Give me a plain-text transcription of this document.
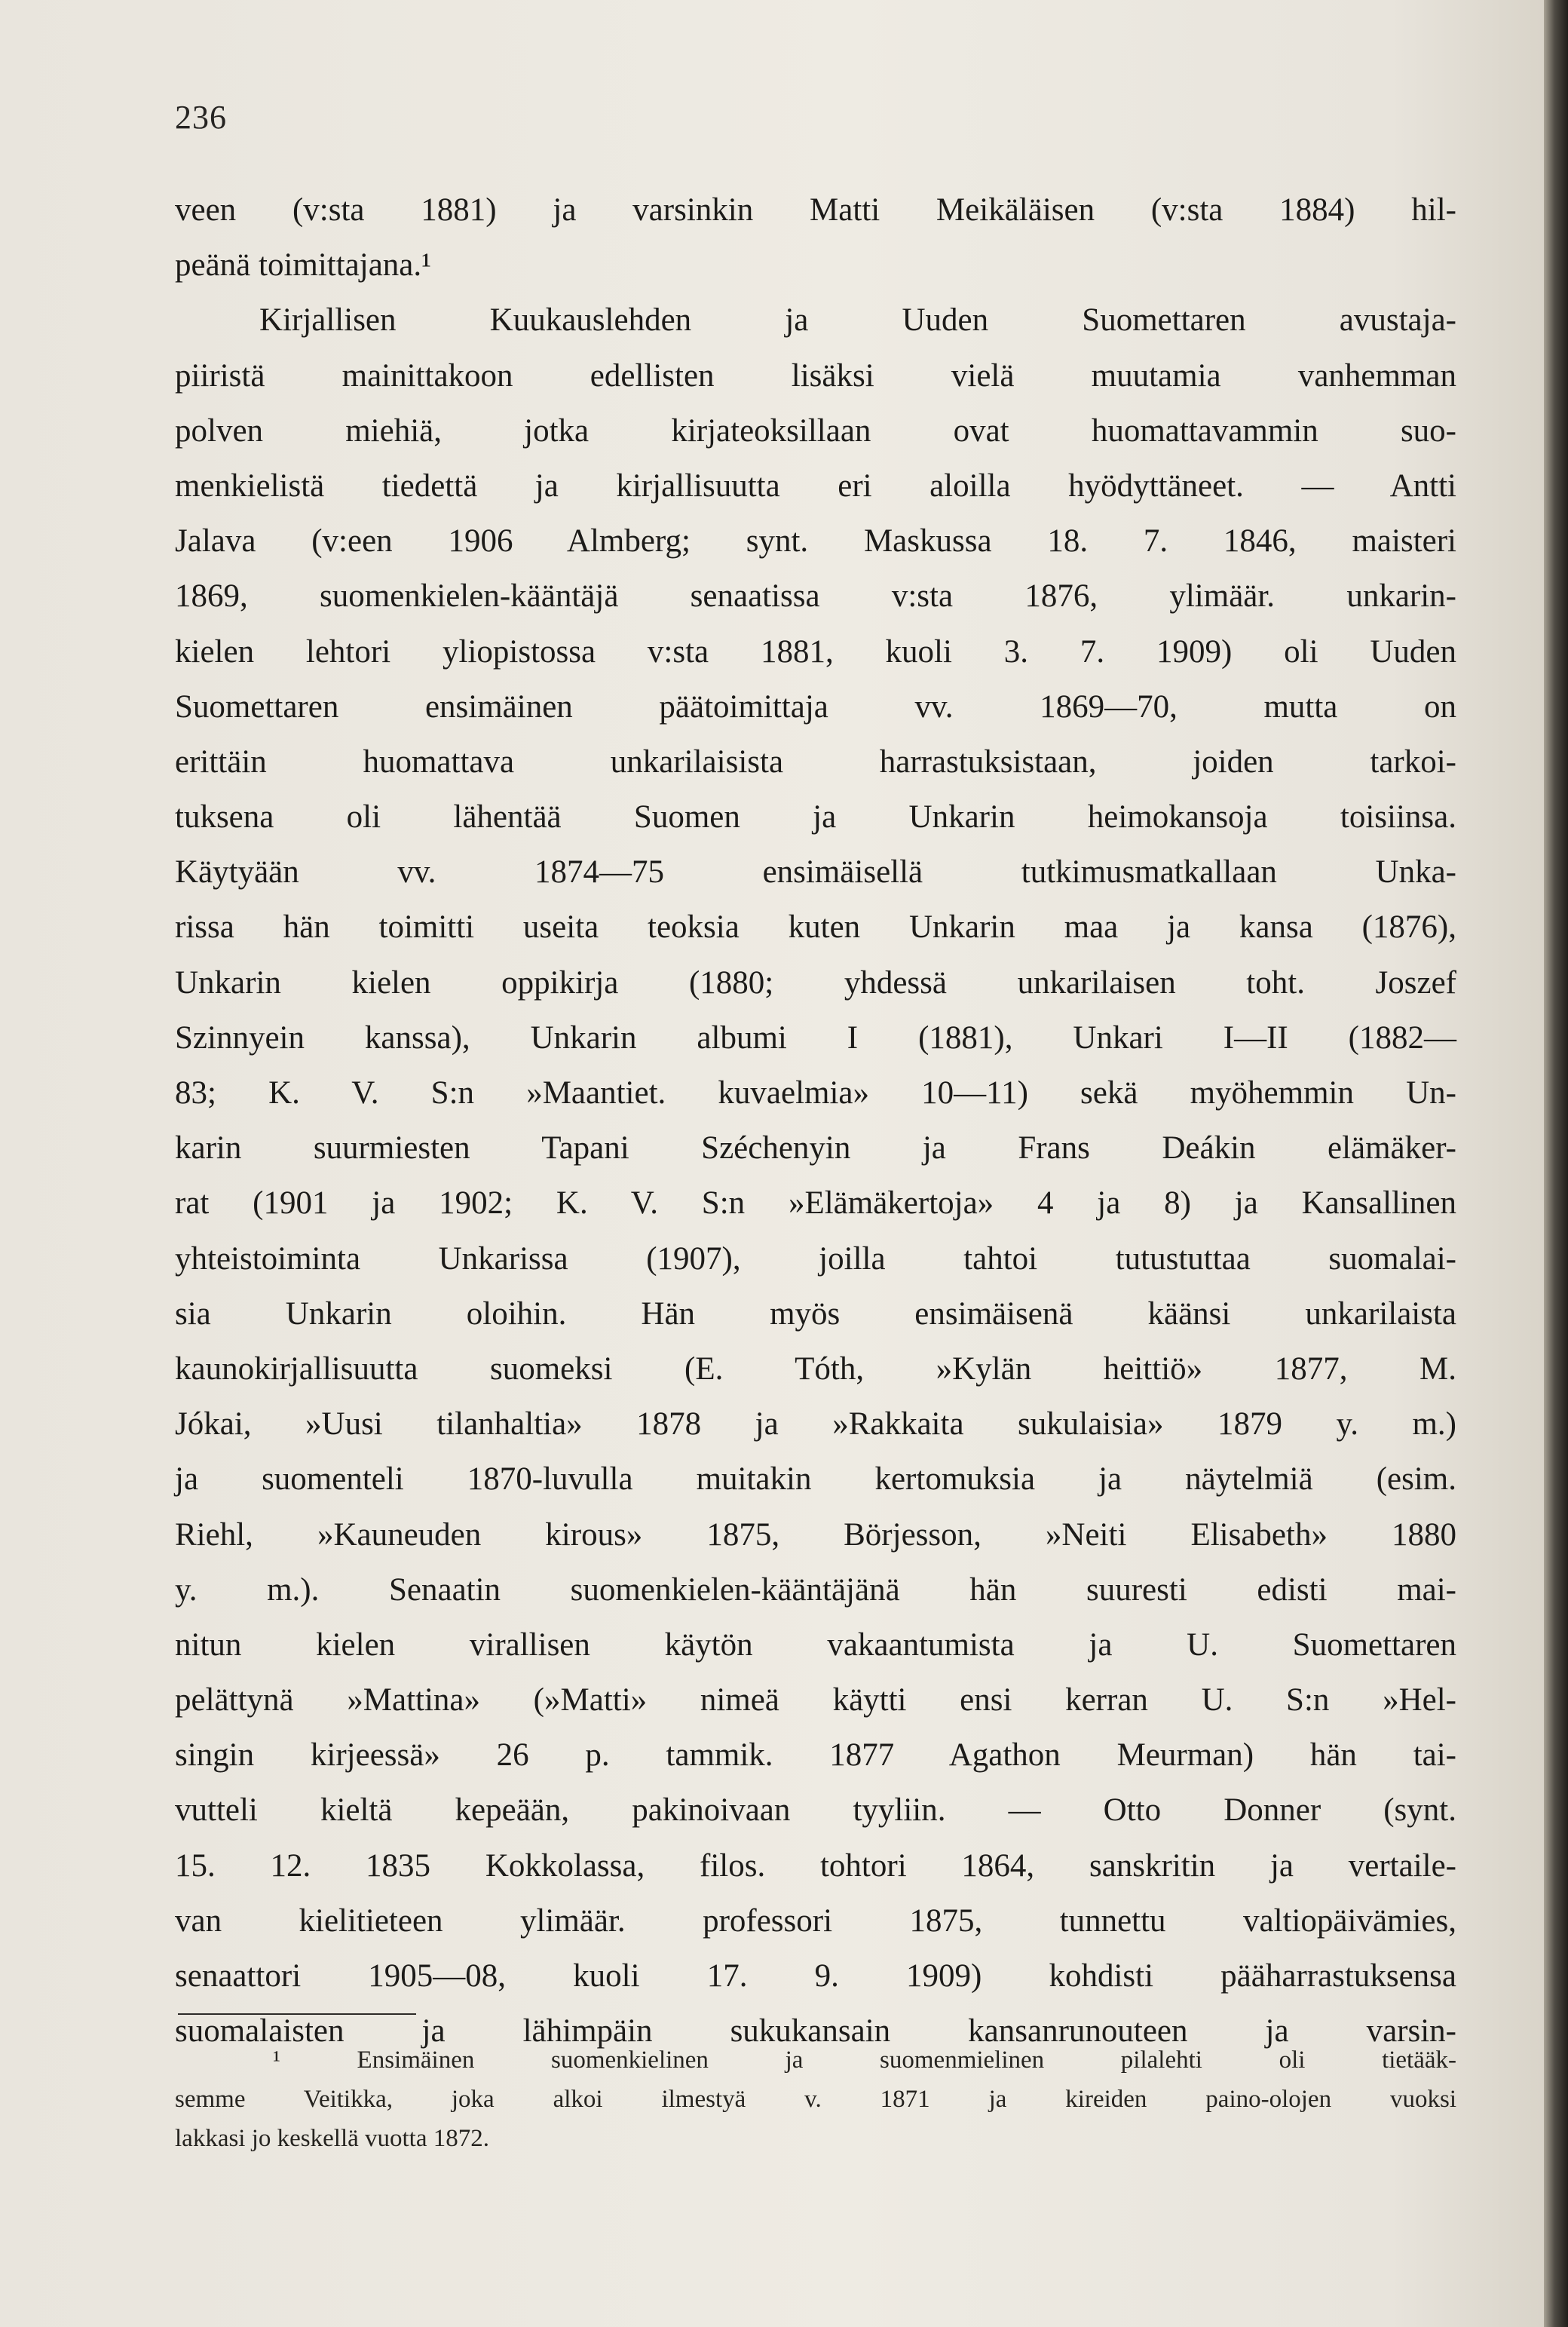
236
veen (v:sta 1881) ja varsinkin Matti Meikäläisen (v:sta 1884) hil-
peänä toimittajana.¹
Kirjallisen Kuukauslehden ja Uuden Suomettaren avustaja-
piiristä mainittakoon edellisten lisäksi vielä muutamia vanhemman
polven miehiä, jotka kirjateoksillaan ovat huomattavammin suo-
menkielistä tiedettä ja kirjallisuutta eri aloilla hyödyttäneet. — Antti
Jalava (v:een 1906 Almberg; synt. Maskussa 18. 7. 1846, maisteri
1869, suomenkielen-kääntäjä senaatissa v:sta 1876, ylimäär. unkarin-
kielen lehtori yliopistossa v:sta 1881, kuoli 3. 7. 1909) oli Uuden
Suomettaren ensimäinen päätoimittaja vv. 1869—70, mutta on
erittäin huomattava unkarilaisista harrastuksistaan, joiden tarkoi-
tuksena oli lähentää Suomen ja Unkarin heimokansoja toisiinsa.
Käytyään vv. 1874—75 ensimäisellä tutkimusmatkallaan Unka-
rissa hän toimitti useita teoksia kuten Unkarin maa ja kansa (1876),
Unkarin kielen oppikirja (1880; yhdessä unkarilaisen toht. Joszef
Szinnyein kanssa), Unkarin albumi I (1881), Unkari I—II (1882—
83; K. V. S:n »Maantiet. kuvaelmia» 10—11) sekä myöhemmin Un-
karin suurmiesten Tapani Széchenyin ja Frans Deákin elämäker-
rat (1901 ja 1902; K. V. S:n »Elämäkertoja» 4 ja 8) ja Kansallinen
yhteistoiminta Unkarissa (1907), joilla tahtoi tutustuttaa suomalai-
sia Unkarin oloihin. Hän myös ensimäisenä käänsi unkarilaista
kaunokirjallisuutta suomeksi (E. Tóth, »Kylän heittiö» 1877, M.
Jókai, »Uusi tilanhaltia» 1878 ja »Rakkaita sukulaisia» 1879 y. m.)
ja suomenteli 1870-luvulla muitakin kertomuksia ja näytelmiä (esim.
Riehl, »Kauneuden kirous» 1875, Börjesson, »Neiti Elisabeth» 1880
y. m.). Senaatin suomenkielen-kääntäjänä hän suuresti edisti mai-
nitun kielen virallisen käytön vakaantumista ja U. Suomettaren
pelättynä »Mattina» (»Matti» nimeä käytti ensi kerran U. S:n »Hel-
singin kirjeessä» 26 p. tammik. 1877 Agathon Meurman) hän tai-
vutteli kieltä kepeään, pakinoivaan tyyliin. — Otto Donner (synt.
15. 12. 1835 Kokkolassa, filos. tohtori 1864, sanskritin ja vertaile-
van kielitieteen ylimäär. professori 1875, tunnettu valtiopäivämies,
senaattori 1905—08, kuoli 17. 9. 1909) kohdisti pääharrastuksensa
suomalaisten ja lähimpäin sukukansain kansanrunouteen ja varsin-
¹ Ensimäinen suomenkielinen ja suomenmielinen pilalehti oli tietääk-
semme Veitikka, joka alkoi ilmestyä v. 1871 ja kireiden paino-olojen vuoksi
lakkasi jo keskellä vuotta 1872.
